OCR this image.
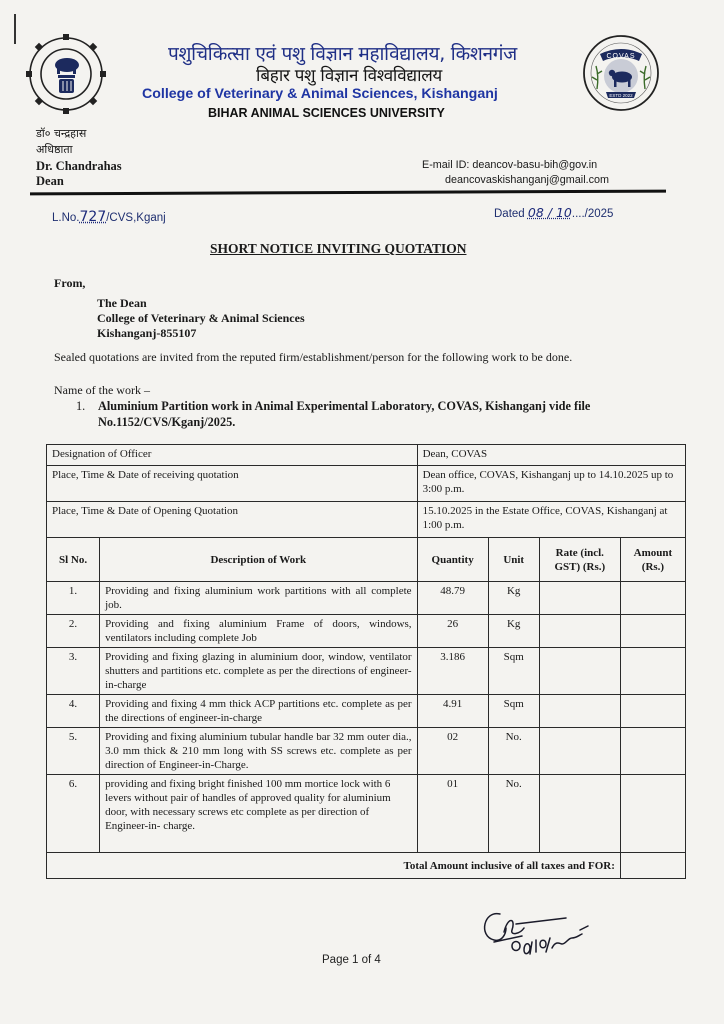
पशुचिकित्सा एवं पशु विज्ञान महाविद्यालय, किशनगंज
बिहार पशु विज्ञान विश्वविद्यालय
College of Veterinary & Animal Sciences, Kishanganj
BIHAR ANIMAL SCIENCES UNIVERSITY
COVAS
ESTD 2022
डॉ० चन्द्रहास
अधिष्ठाता
Dr. Chandrahas
Dean
E-mail ID: deancov-basu-bih@gov.in
deancovaskishanganj@gmail.com
L.No.727/CVS,Kganj	Dated 08 / 10..../2025
SHORT NOTICE INVITING QUOTATION
From,
The Dean
College of Veterinary & Animal Sciences
Kishanganj-855107
Sealed quotations are invited from the reputed firm/establishment/person for the following work to be done.
Name of the work –
1.	Aluminium Partition work in Animal Experimental Laboratory, COVAS, Kishanganj vide file No.1152/CVS/Kganj/2025.
Designation of Officer		Dean, COVAS			
Place, Time & Date of receiving quotation		Dean office, COVAS, Kishanganj up to 14.10.2025 up to 3:00 p.m.			
Place, Time & Date of Opening Quotation		15.10.2025 in the Estate Office, COVAS, Kishanganj at 1:00 p.m.			
Sl No.	Description of Work	Quantity	Unit	Rate (incl. GST) (Rs.)	Amount (Rs.)
1.	Providing and fixing aluminium work partitions with all complete job.	48.79	Kg		
2.	Providing and fixing aluminium Frame of doors, windows, ventilators including complete Job	26	Kg		
3.	Providing and fixing glazing in aluminium door, window, ventilator shutters and partitions etc. complete as per the directions of engineer-in-charge	3.186	Sqm		
4.	Providing and fixing 4 mm thick ACP partitions etc. complete as per the directions of engineer-in-charge	4.91	Sqm		
5.	Providing and fixing aluminium tubular handle bar 32 mm outer dia., 3.0 mm thick & 210 mm long with SS screws etc. complete as per direction of Engineer-in-Charge.	02	No.		
6.	providing and fixing bright finished 100 mm mortice lock with 6 levers without pair of handles of approved quality for aluminium door, with necessary screws etc complete as per direction of Engineer-in- charge.	01	No.		
Total Amount inclusive of all taxes and FOR:					
Page 1 of 4
